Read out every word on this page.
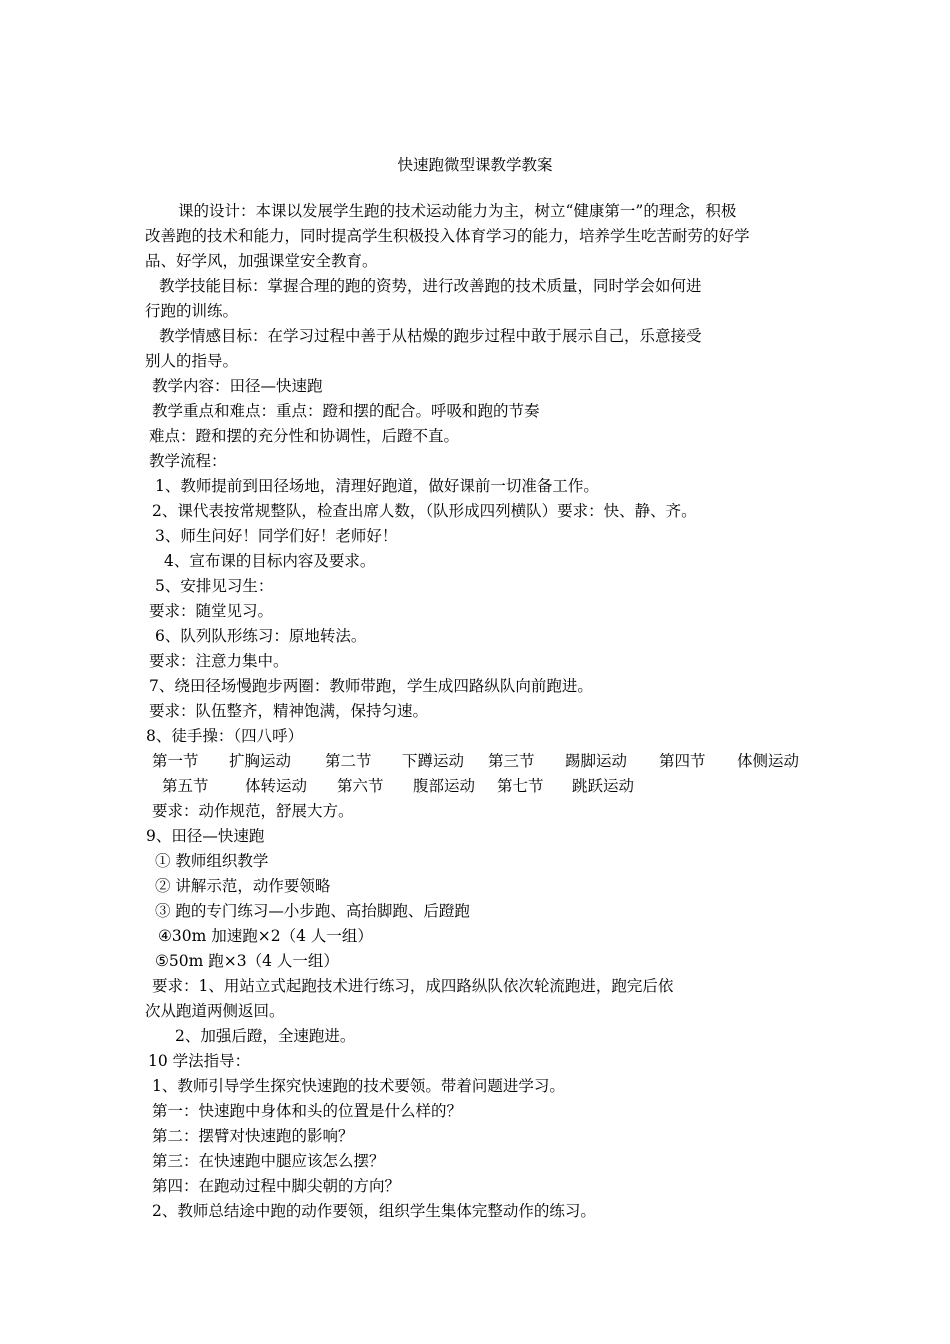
快速跑微型课教学教案
课的设计：本课以发展学生跑的技术运动能力为主，树立“健康第一”的理念，积极
改善跑的技术和能力，同时提高学生积极投入体育学习的能力，培养学生吃苦耐劳的好学
品、好学风，加强课堂安全教育。
教学技能目标：掌握合理的跑的资势，进行改善跑的技术质量，同时学会如何进
行跑的训练。
教学情感目标：在学习过程中善于从枯燥的跑步过程中敢于展示自己，乐意接受
别人的指导。
教学内容：田径—快速跑
教学重点和难点：重点：蹬和摆的配合。呼吸和跑的节奏
难点：蹬和摆的充分性和协调性，后蹬不直。
教学流程：
1、教师提前到田径场地，清理好跑道，做好课前一切准备工作。
2、课代表按常规整队，检查出席人数，（队形成四列横队）要求：快、静、齐。
3、师生问好！同学们好！老师好！
4、宣布课的目标内容及要求。
5、安排见习生：
要求：随堂见习。
6、队列队形练习：原地转法。
要求：注意力集中。
7、绕田径场慢跑步两圈：教师带跑，学生成四路纵队向前跑进。
要求：队伍整齐，精神饱满，保持匀速。
8、徒手操：（四八呼）
第一节 扩胸运动 第二节 下蹲运动 第三节 踢脚运动 第四节 体侧运动
第五节 体转运动 第六节 腹部运动 第七节 跳跃运动
要求：动作规范，舒展大方。
9、田径—快速跑
① 教师组织教学
② 讲解示范，动作要领略
③ 跑的专门练习—小步跑、高抬脚跑、后蹬跑
④30m 加速跑×2（4 人一组）
⑤50m 跑×3（4 人一组）
要求：1、用站立式起跑技术进行练习，成四路纵队依次轮流跑进，跑完后依
次从跑道两侧返回。
2、加强后蹬，全速跑进。
10 学法指导：
1、教师引导学生探究快速跑的技术要领。带着问题进学习。
第一：快速跑中身体和头的位置是什么样的？
第二：摆臂对快速跑的影响？
第三：在快速跑中腿应该怎么摆？
第四：在跑动过程中脚尖朝的方向？
2、教师总结途中跑的动作要领，组织学生集体完整动作的练习。
